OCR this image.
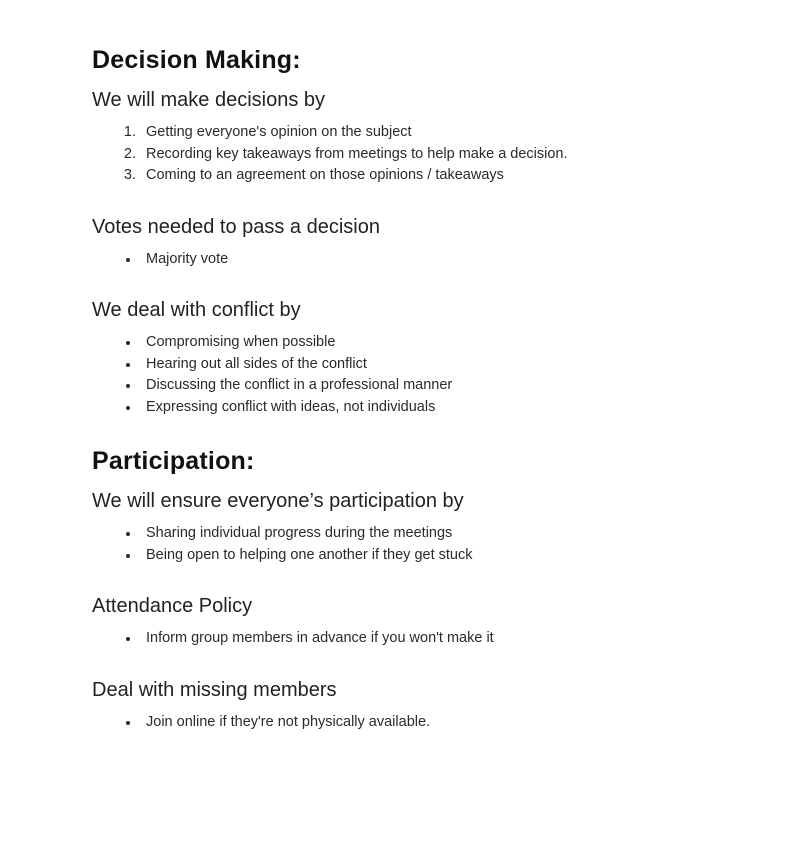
Decision Making:
We will make decisions by
1. Getting everyone's opinion on the subject
2. Recording key takeaways from meetings to help make a decision.
3. Coming to an agreement on those opinions / takeaways
Votes needed to pass a decision
• Majority vote
We deal with conflict by
• Compromising when possible
• Hearing out all sides of the conflict
• Discussing the conflict in a professional manner
• Expressing conflict with ideas, not individuals
Participation:
We will ensure everyone’s participation by
• Sharing individual progress during the meetings
• Being open to helping one another if they get stuck
Attendance Policy
• Inform group members in advance if you won't make it
Deal with missing members
• Join online if they're not physically available.
